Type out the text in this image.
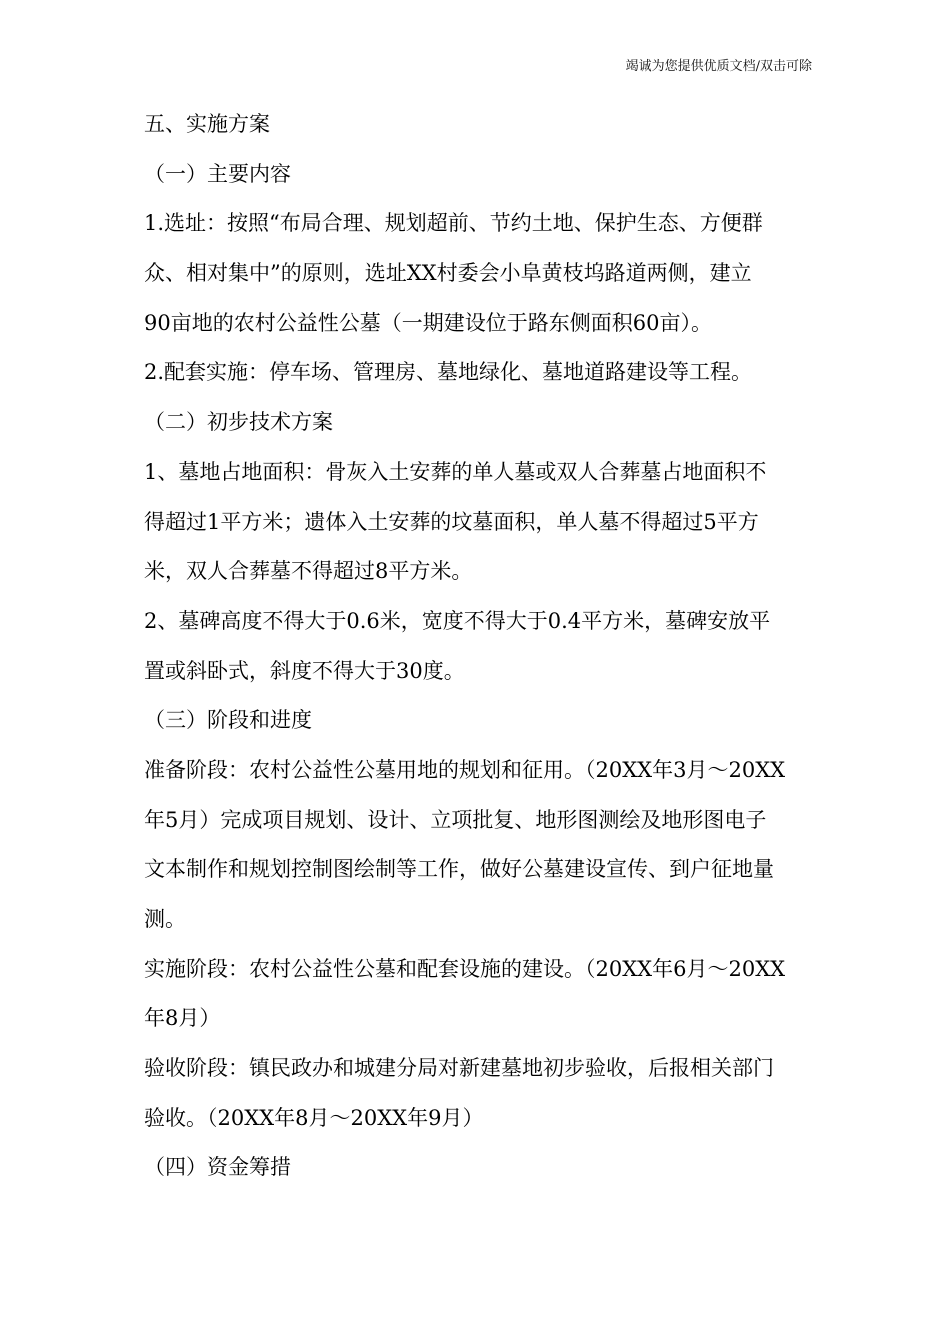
竭诚为您提供优质文档/双击可除
五、实施方案
（一）主要内容
1.选址：按照“布局合理、规划超前、节约土地、保护生态、方便群
众、相对集中”的原则，选址XX村委会小阜黄枝坞路道两侧，建立
90亩地的农村公益性公墓（一期建设位于路东侧面积60亩）。
2.配套实施：停车场、管理房、墓地绿化、墓地道路建设等工程。
（二）初步技术方案
1、墓地占地面积：骨灰入土安葬的单人墓或双人合葬墓占地面积不
得超过1平方米；遗体入土安葬的坟墓面积，单人墓不得超过5平方
米，双人合葬墓不得超过8平方米。
2、墓碑高度不得大于0.6米，宽度不得大于0.4平方米，墓碑安放平
置或斜卧式，斜度不得大于30度。
（三）阶段和进度
准备阶段：农村公益性公墓用地的规划和征用。（20XX年3月～20XX
年5月）完成项目规划、设计、立项批复、地形图测绘及地形图电子
文本制作和规划控制图绘制等工作，做好公墓建设宣传、到户征地量
测。
实施阶段：农村公益性公墓和配套设施的建设。（20XX年6月～20XX
年8月）
验收阶段：镇民政办和城建分局对新建墓地初步验收，后报相关部门
验收。（20XX年8月～20XX年9月）
（四）资金筹措
